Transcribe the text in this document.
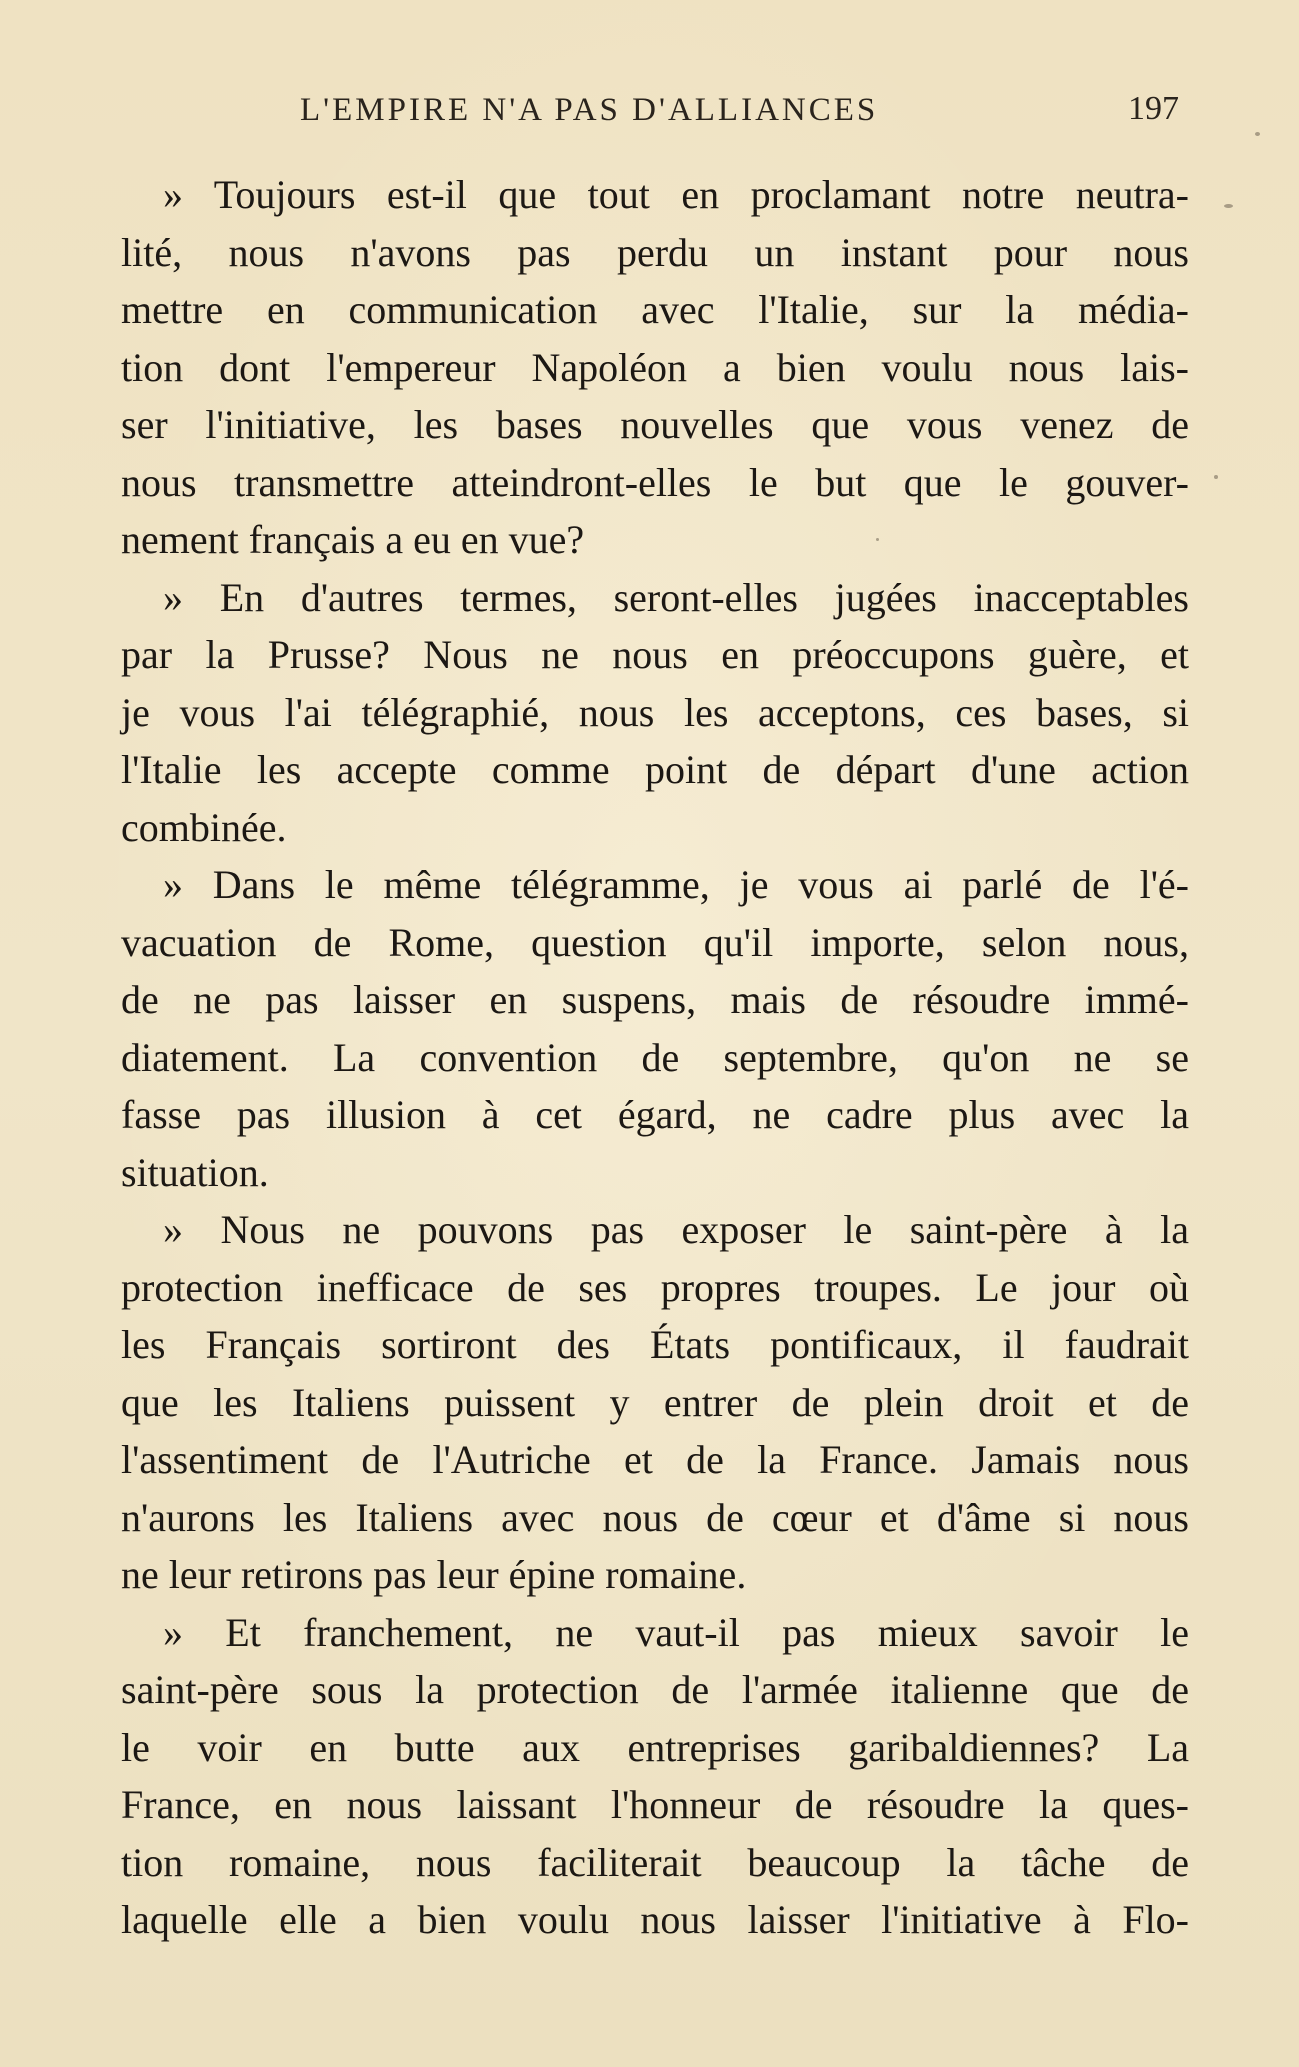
L'EMPIRE N'A PAS D'ALLIANCES	197
» Toujours est-il que tout en proclamant notre neutra-
lité, nous n'avons pas perdu un instant pour nous
mettre en communication avec l'Italie, sur la média-
tion dont l'empereur Napoléon a bien voulu nous lais-
ser l'initiative, les bases nouvelles que vous venez de
nous transmettre atteindront-elles le but que le gouver-
nement français a eu en vue?
» En d'autres termes, seront-elles jugées inacceptables
par la Prusse? Nous ne nous en préoccupons guère, et
je vous l'ai télégraphié, nous les acceptons, ces bases, si
l'Italie les accepte comme point de départ d'une action
combinée.
» Dans le même télégramme, je vous ai parlé de l'é-
vacuation de Rome, question qu'il importe, selon nous,
de ne pas laisser en suspens, mais de résoudre immé-
diatement. La convention de septembre, qu'on ne se
fasse pas illusion à cet égard, ne cadre plus avec la
situation.
» Nous ne pouvons pas exposer le saint-père à la
protection inefficace de ses propres troupes. Le jour où
les Français sortiront des États pontificaux, il faudrait
que les Italiens puissent y entrer de plein droit et de
l'assentiment de l'Autriche et de la France. Jamais nous
n'aurons les Italiens avec nous de cœur et d'âme si nous
ne leur retirons pas leur épine romaine.
» Et franchement, ne vaut-il pas mieux savoir le
saint-père sous la protection de l'armée italienne que de
le voir en butte aux entreprises garibaldiennes? La
France, en nous laissant l'honneur de résoudre la ques-
tion romaine, nous faciliterait beaucoup la tâche de
laquelle elle a bien voulu nous laisser l'initiative à Flo-
